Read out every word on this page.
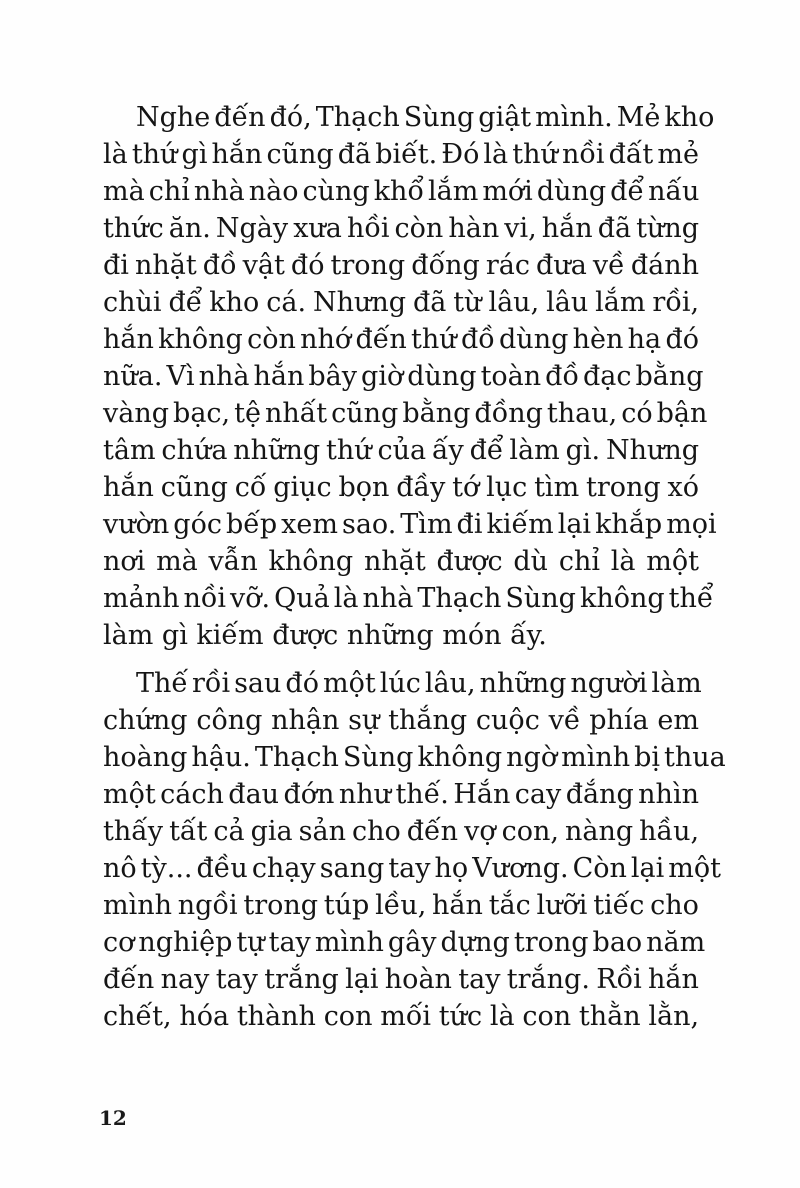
Nghe đến đó, Thạch Sùng giật mình. Mẻ kho
là thứ gì hắn cũng đã biết. Đó là thứ nồi đất mẻ
mà chỉ nhà nào cùng khổ lắm mới dùng để nấu
thức ăn. Ngày xưa hồi còn hàn vi, hắn đã từng
đi nhặt đồ vật đó trong đống rác đưa về đánh
chùi để kho cá. Nhưng đã từ lâu, lâu lắm rồi,
hắn không còn nhớ đến thứ đồ dùng hèn hạ đó
nữa. Vì nhà hắn bây giờ dùng toàn đồ đạc bằng
vàng bạc, tệ nhất cũng bằng đồng thau, có bận
tâm chứa những thứ của ấy để làm gì. Nhưng
hắn cũng cố giục bọn đầy tớ lục tìm trong xó
vườn góc bếp xem sao. Tìm đi kiếm lại khắp mọi
nơi mà vẫn không nhặt được dù chỉ là một
mảnh nồi vỡ. Quả là nhà Thạch Sùng không thể
làm gì kiếm được những món ấy.
Thế rồi sau đó một lúc lâu, những người làm
chứng công nhận sự thắng cuộc về phía em
hoàng hậu. Thạch Sùng không ngờ mình bị thua
một cách đau đớn như thế. Hắn cay đắng nhìn
thấy tất cả gia sản cho đến vợ con, nàng hầu,
nô tỳ... đều chạy sang tay họ Vương. Còn lại một
mình ngồi trong túp lều, hắn tắc lưỡi tiếc cho
cơ nghiệp tự tay mình gây dựng trong bao năm
đến nay tay trắng lại hoàn tay trắng. Rồi hắn
chết, hóa thành con mối tức là con thằn lằn,
12
